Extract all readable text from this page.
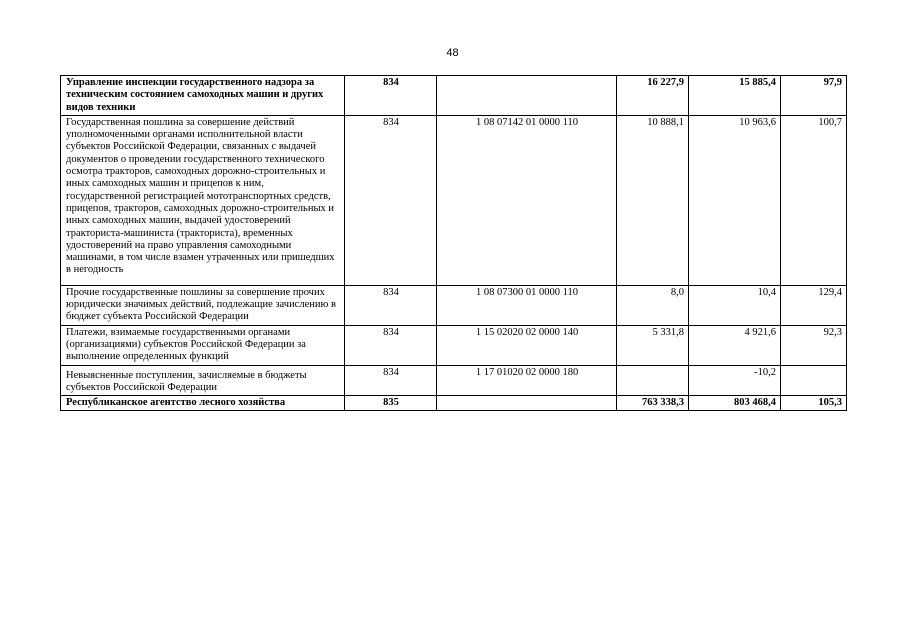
48
Управление инспекции государственного надзора за техническим состоянием самоходных машин и других видов техники	834		16 227,9	15 885,4	97,9
Государственная пошлина за совершение действий уполномоченными органами исполнительной власти субъектов Российской Федерации, связанных с выдачей документов о проведении государственного технического осмотра тракторов, самоходных дорожно-строительных и иных самоходных машин и прицепов к ним, государственной регистрацией мототранспортных средств, прицепов, тракторов, самоходных дорожно-строительных и иных самоходных машин, выдачей удостоверений тракториста-машиниста (тракториста), временных удостоверений на право управления самоходными машинами, в том числе взамен утраченных или пришедших в негодность	834	1 08 07142 01 0000 110	10 888,1	10 963,6	100,7
Прочие государственные пошлины за совершение прочих юридически значимых действий, подлежащие зачислению в бюджет субъекта Российской Федерации	834	1 08 07300 01 0000 110	8,0	10,4	129,4
Платежи, взимаемые государственными органами (организациями) субъектов Российской Федерации за выполнение определенных функций	834	1 15 02020 02 0000 140	5 331,8	4 921,6	92,3
Невыясненные поступления, зачисляемые в бюджеты субъектов Российской Федерации	834	1 17 01020 02 0000 180		-10,2	
Республиканское агентство лесного хозяйства	835		763 338,3	803 468,4	105,3
